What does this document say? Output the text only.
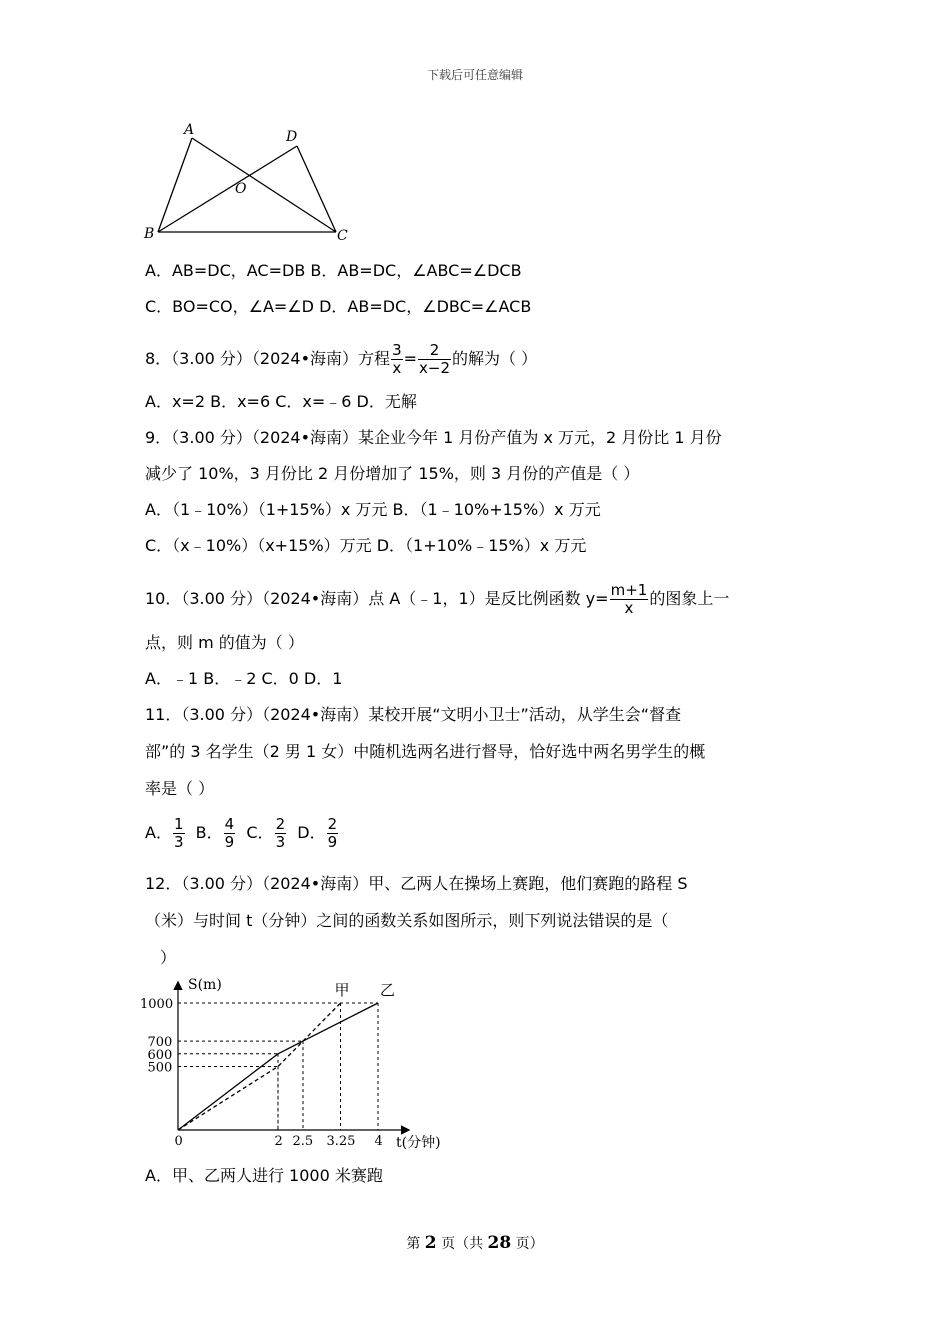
下载后可任意编辑
A	D
O
B	C
A．AB=DC，AC=DB B．AB=DC，∠ABC=∠DCB
C．BO=CO，∠A=∠D D．AB=DC，∠DBC=∠ACB
8．（3.00 分）（2024•海南）方程 $\frac{3}{x} = \frac{2}{x-2}$ 的解为（ ）
A．x=2 B．x=6 C．x=﹣6 D．无解
9．（3.00 分）（2024•海南）某企业今年 1 月份产值为 x 万元，2 月份比 1 月份
减少了 10%，3 月份比 2 月份增加了 15%，则 3 月份的产值是（ ）
A．（1﹣10%）（1+15%）x 万元 B．（1﹣10%+15%）x 万元
C．（x﹣10%）（x+15%）万元 D．（1+10%﹣15%）x 万元
10．（3.00 分）（2024•海南）点 A（﹣1，1）是反比例函数 $y= \frac{m+1}{x}$ 的图象上一
点，则 m 的值为（ ）
A．﹣1 B．﹣2 C．0 D．1
11．（3.00 分）（2024•海南）某校开展“文明小卫士”活动，从学生会“督查
部”的 3 名学生（2 男 1 女）中随机选两名进行督导，恰好选中两名男学生的概
率是（ ）
A． $\frac{1}{3}$ B． $\frac{4}{9}$ C． $\frac{2}{3}$ D． $\frac{2}{9}$
12．（3.00 分）（2024•海南）甲、乙两人在操场上赛跑，他们赛跑的路程 S
（米）与时间 t（分钟）之间的函数关系如图所示，则下列说法错误的是（
）
0	2 2.5 3.25 4
500
600
700
1000
S(m)
t(分钟)
甲 乙
A．甲、乙两人进行 1000 米赛跑
第 2 页（共 28 页）
